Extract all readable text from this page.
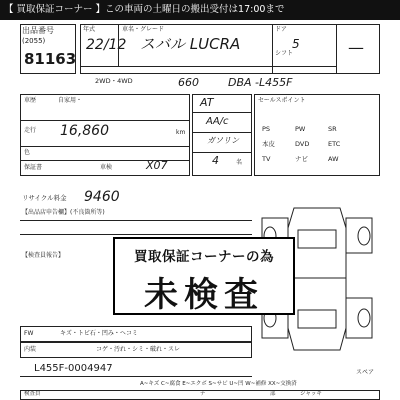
【 買取保証コーナー 】この車両の土曜日の搬出受付は17:00まで
出品番号
(2055)
81163
年式
22/12
車名・グレード
スバル LUCRA
ドア
5
シフト	—
2WD・4WD	660	DBA -L455F
車歴	自家用・
走行 16,860	km
色
保証書	車検	X07
AT
AA/c
ガソリン
4	名
セールスポイント
PS	PW	SR
本皮	DVD	ETC
TV	ナビ	AW
リサイクル料金 9460
【出品店申告欄】(不良箇所等)
【検査員報告】	買取保証コーナーの為
未検査
FW	キズ・トビ石・凹み・ヘコミ
内装	コゲ・汚れ・シミ・破れ・スレ
L455F-0004947	スペア
A~キズ C~腐食 E~エクボ S~サビ U~凹 W~補修 XX~交換済
検査員	ナ	部	ジャッキ
